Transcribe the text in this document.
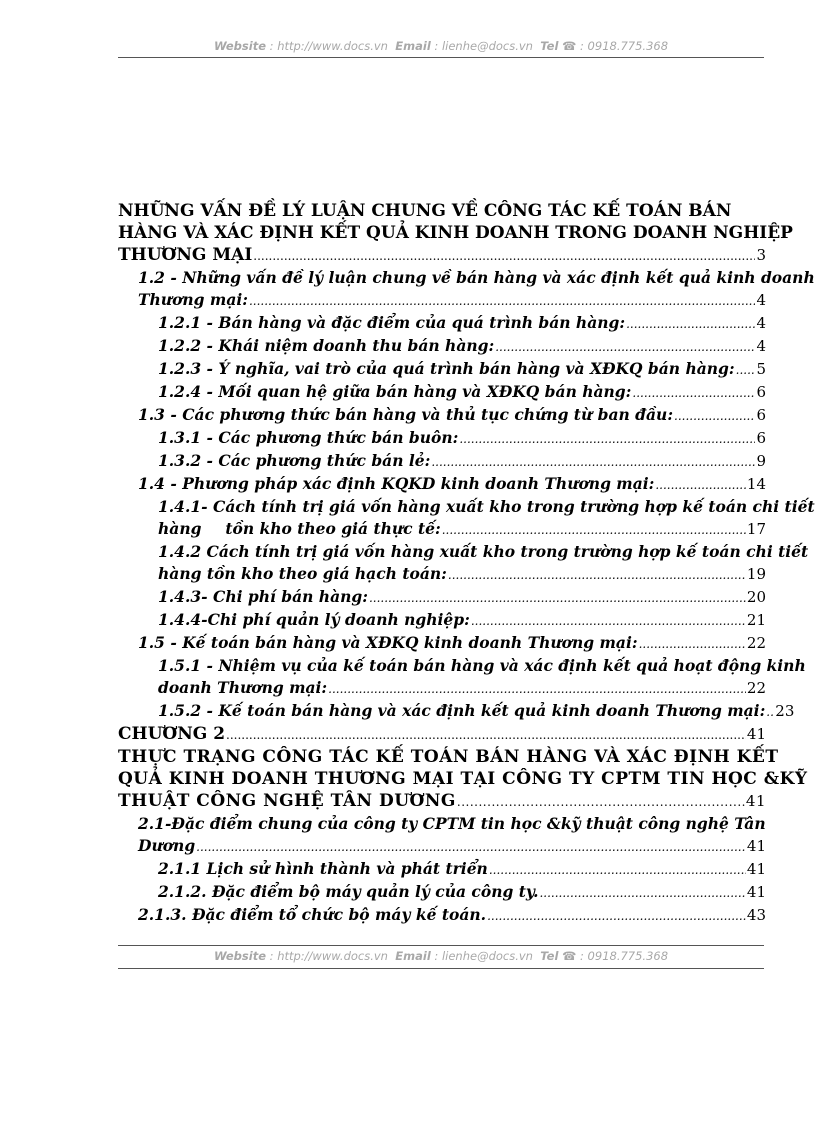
Website : http://www.docs.vn Email : lienhe@docs.vn Tel ☎ : 0918.775.368
NHỮNG VẤN ĐỀ LÝ LUẬN CHUNG VỀ CÔNG TÁC KẾ TOÁN BÁN
HÀNG VÀ XÁC ĐỊNH KẾT QUẢ KINH DOANH TRONG DOANH NGHIỆP
THƯƠNG MẠI .....	3
1.2 - Những vấn đề lý luận chung về bán hàng và xác định kết quả kinh doanh
Thương mại: .....	4
1.2.1 - Bán hàng và đặc điểm của quá trình bán hàng: .....	4
1.2.2 - Khái niệm doanh thu bán hàng: .....	4
1.2.3 - Ý nghĩa, vai trò của quá trình bán hàng và XĐKQ bán hàng: ..... 5
1.2.4 - Mối quan hệ giữa bán hàng và XĐKQ bán hàng: .....	6
1.3 - Các phương thức bán hàng và thủ tục chứng từ ban đầu: .....	6
1.3.1 - Các phương thức bán buôn: .....	6
1.3.2 - Các phương thức bán lẻ: .....	9
1.4 - Phương pháp xác định KQKD kinh doanh Thương mại: .....	14
1.4.1- Cách tính trị giá vốn hàng xuất kho trong trường hợp kế toán chi tiết
hàng tồn kho theo giá thực tế: .....	17
1.4.2 Cách tính trị giá vốn hàng xuất kho trong trường hợp kế toán chi tiết
hàng tồn kho theo giá hạch toán: .....	19
1.4.3- Chi phí bán hàng: .....	20
1.4.4-Chi phí quản lý doanh nghiệp: .....	21
1.5 - Kế toán bán hàng và XĐKQ kinh doanh Thương mại: .....	22
1.5.1 - Nhiệm vụ của kế toán bán hàng và xác định kết quả hoạt động kinh
doanh Thương mại: .....	22
1.5.2 - Kế toán bán hàng và xác định kết quả kinh doanh Thương mại: ..... 23
CHƯƠNG 2 .....	41
THỰC TRẠNG CÔNG TÁC KẾ TOÁN BÁN HÀNG VÀ XÁC ĐỊNH KẾT
QUẢ KINH DOANH THƯƠNG MẠI TẠI CÔNG TY CPTM TIN HỌC &KỸ
THUẬT CÔNG NGHỆ TÂN DƯƠNG .....	41
2.1-Đặc điểm chung của công ty CPTM tin học &kỹ thuật công nghệ Tân
Dương .....	41
2.1.1 Lịch sử hình thành và phát triển .....	41
2.1.2. Đặc điểm bộ máy quản lý của công ty. .....	41
2.1.3. Đặc điểm tổ chức bộ máy kế toán. .....	43
Website : http://www.docs.vn Email : lienhe@docs.vn Tel ☎ : 0918.775.368
